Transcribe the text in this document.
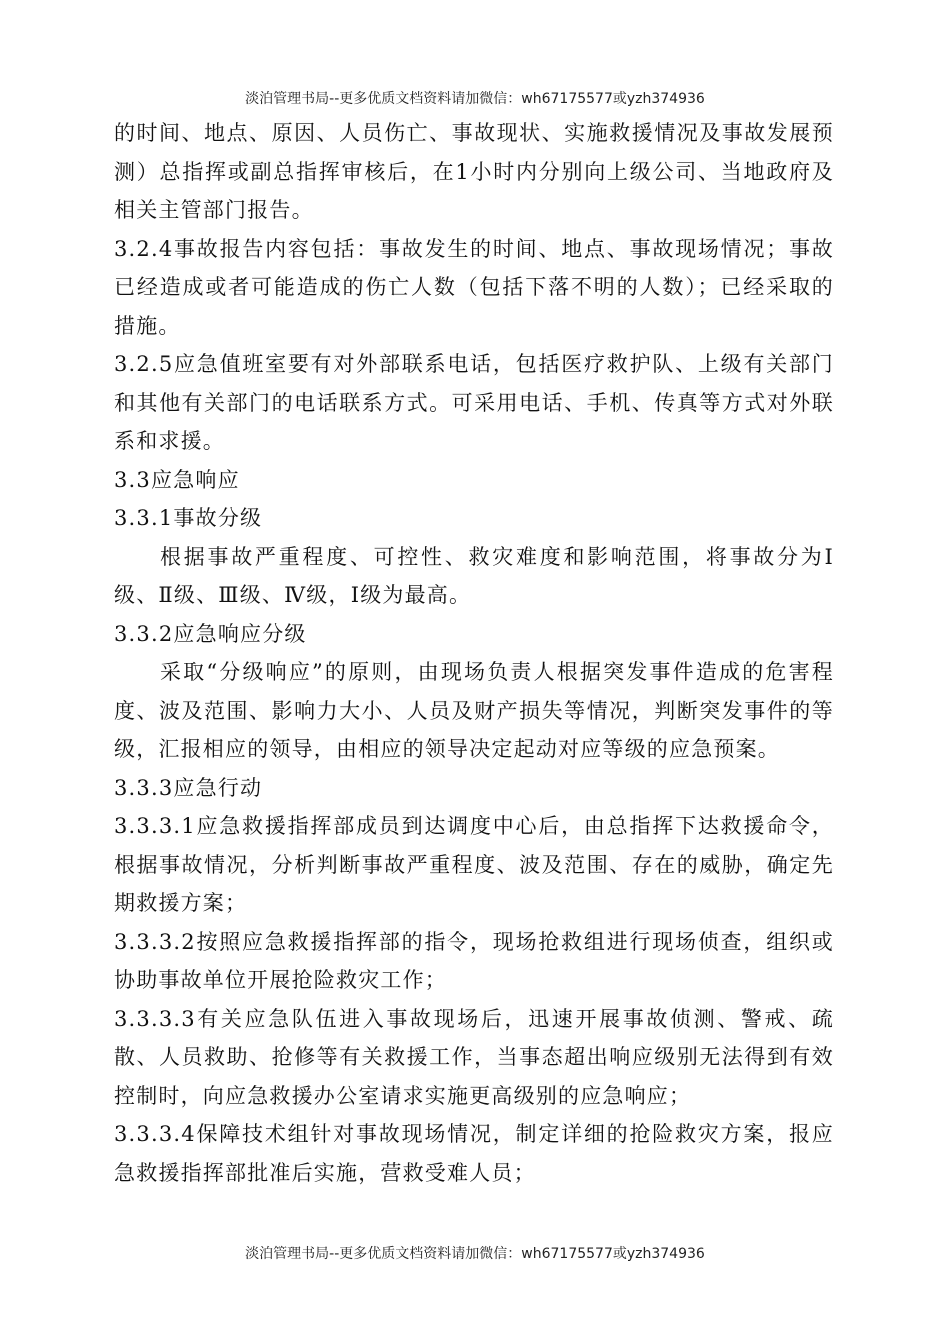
淡泊管理书局--更多优质文档资料请加微信：wh67175577或yzh374936

的时间、地点、原因、人员伤亡、事故现状、实施救援情况及事故发展预测）总指挥或副总指挥审核后，在1小时内分别向上级公司、当地政府及相关主管部门报告。

3.2.4事故报告内容包括：事故发生的时间、地点、事故现场情况；事故已经造成或者可能造成的伤亡人数（包括下落不明的人数）；已经采取的措施。

3.2.5应急值班室要有对外部联系电话，包括医疗救护队、上级有关部门和其他有关部门的电话联系方式。可采用电话、手机、传真等方式对外联系和求援。

3.3应急响应

3.3.1事故分级

根据事故严重程度、可控性、救灾难度和影响范围，将事故分为Ⅰ级、Ⅱ级、Ⅲ级、Ⅳ级，Ⅰ级为最高。

3.3.2应急响应分级

采取“分级响应”的原则，由现场负责人根据突发事件造成的危害程度、波及范围、影响力大小、人员及财产损失等情况，判断突发事件的等级，汇报相应的领导，由相应的领导决定起动对应等级的应急预案。

3.3.3应急行动

3.3.3.1应急救援指挥部成员到达调度中心后，由总指挥下达救援命令，根据事故情况，分析判断事故严重程度、波及范围、存在的威胁，确定先期救援方案；

3.3.3.2按照应急救援指挥部的指令，现场抢救组进行现场侦查，组织或协助事故单位开展抢险救灾工作；

3.3.3.3有关应急队伍进入事故现场后，迅速开展事故侦测、警戒、疏散、人员救助、抢修等有关救援工作，当事态超出响应级别无法得到有效控制时，向应急救援办公室请求实施更高级别的应急响应；

3.3.3.4保障技术组针对事故现场情况，制定详细的抢险救灾方案，报应急救援指挥部批准后实施，营救受难人员；

淡泊管理书局--更多优质文档资料请加微信：wh67175577或yzh374936
